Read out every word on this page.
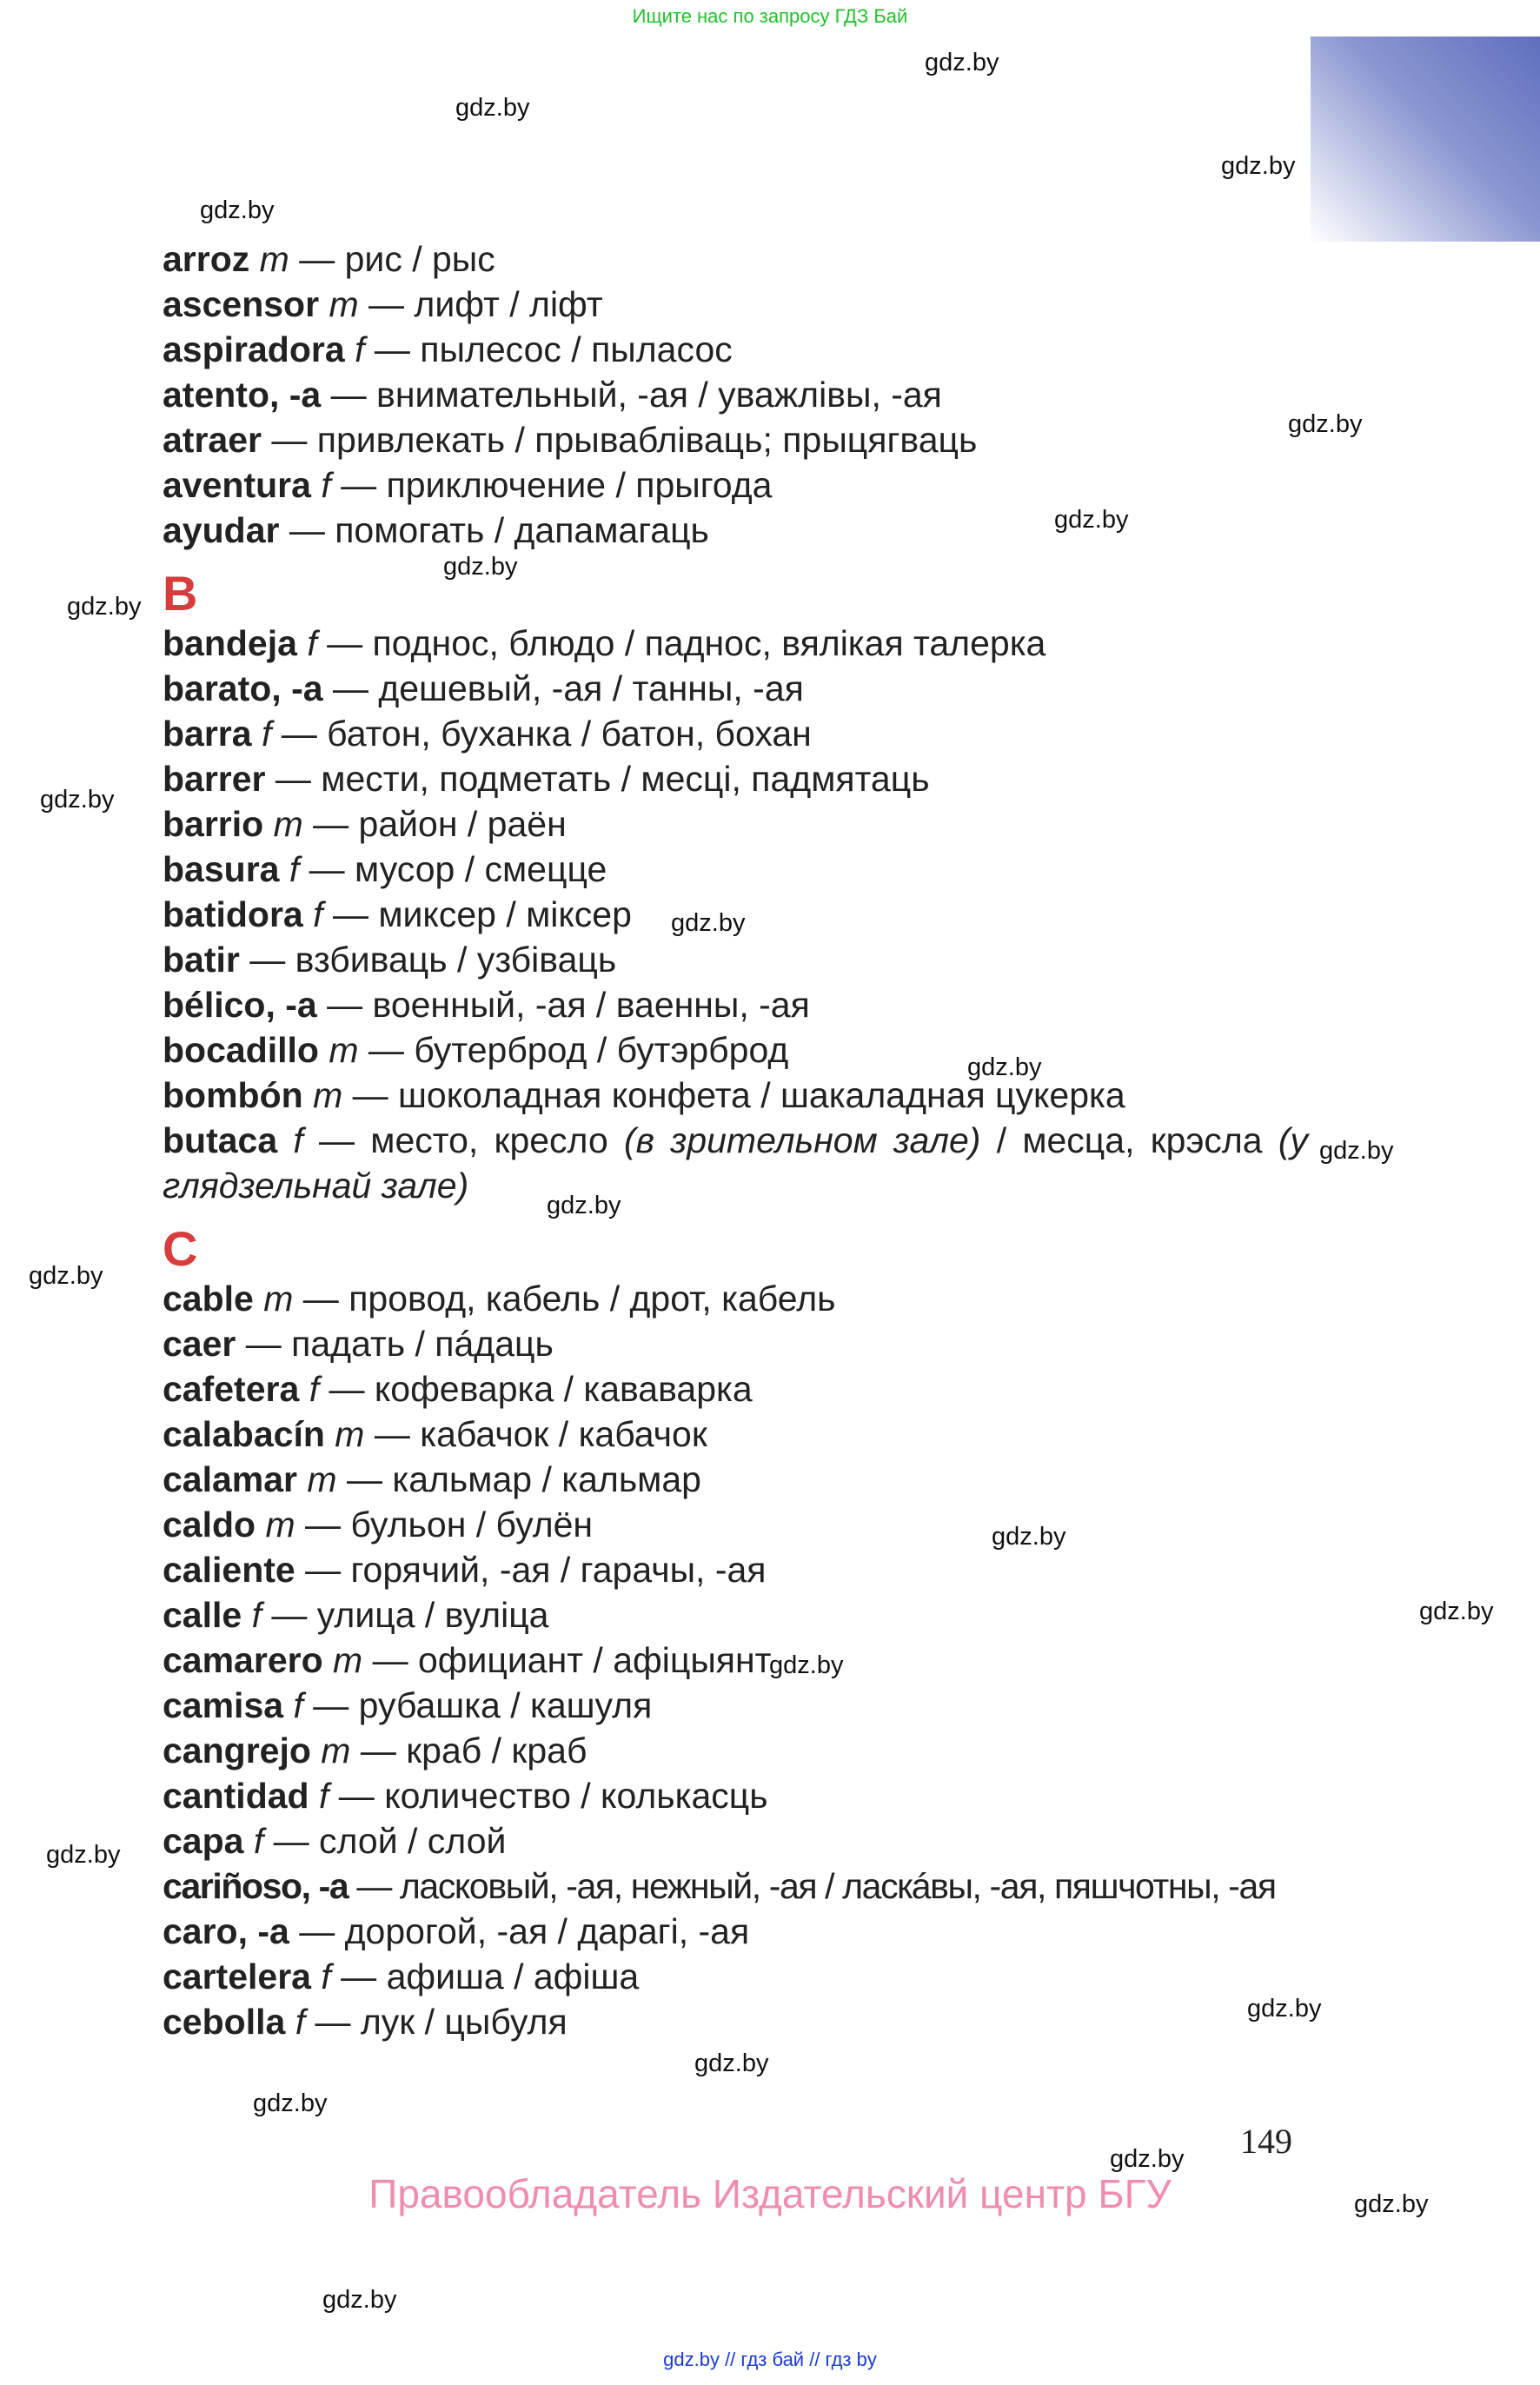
Ищите нас по запросу ГДЗ Бай
gdz.by
gdz.by
gdz.by
gdz.by
gdz.by
gdz.by
gdz.by
gdz.by
gdz.by
gdz.by
gdz.by
gdz.by
gdz.by
gdz.by
gdz.by
gdz.by
gdz.by
gdz.by
gdz.by
gdz.by
gdz.by
gdz.by
gdz.by
gdz.by
arroz m — рис / рыс
ascensor m — лифт / ліфт
aspiradora f — пылесос / пыласос
atento, -a — внимательный, -ая / уважлівы, -ая
atraer — привлекать / прывабліваць; прыцягваць
aventura f — приключение / прыгода
ayudar — помогать / дапамагаць
B
bandeja f — поднос, блюдо / паднос, вялікая талерка
barato, -a — дешевый, -ая / танны, -ая
barra f — батон, буханка / батон, бохан
barrer — мести, подметать / месці, падмятаць
barrio m — район / раён
basura f — мусор / смецце
batidora f — миксер / міксер
batir — взбиваць / узбіваць
bélico, -a — военный, -ая / ваенны, -ая
bocadillo m — бутерброд / бутэрброд
bombón m — шоколадная конфета / шакаладная цукерка
butaca f — место, кресло (в зрительном зале) / месца, крэсла (у глядзельнай зале)
C
cable m — провод, кабель / дрот, кабель
caer — падать / пáдаць
cafetera f — кофеварка / кававарка
calabacín m — кабачок / кабачок
calamar m — кальмар / кальмар
caldo m — бульон / булён
caliente — горячий, -ая / гарачы, -ая
calle f — улица / вуліца
camarero m — официант / афіцыянт
camisa f — рубашка / кашуля
cangrejo m — краб / краб
cantidad f — количество / колькасць
capa f — слой / слой
cariñoso, -a — ласковый, -ая, нежный, -ая / ласкáвы, -ая, пяшчотны, -ая
caro, -a — дорогой, -ая / дарагі, -ая
cartelera f — афиша / афіша
cebolla f — лук / цыбуля
149
Правообладатель Издательский центр БГУ
gdz.by // гдз бай // гдз by
